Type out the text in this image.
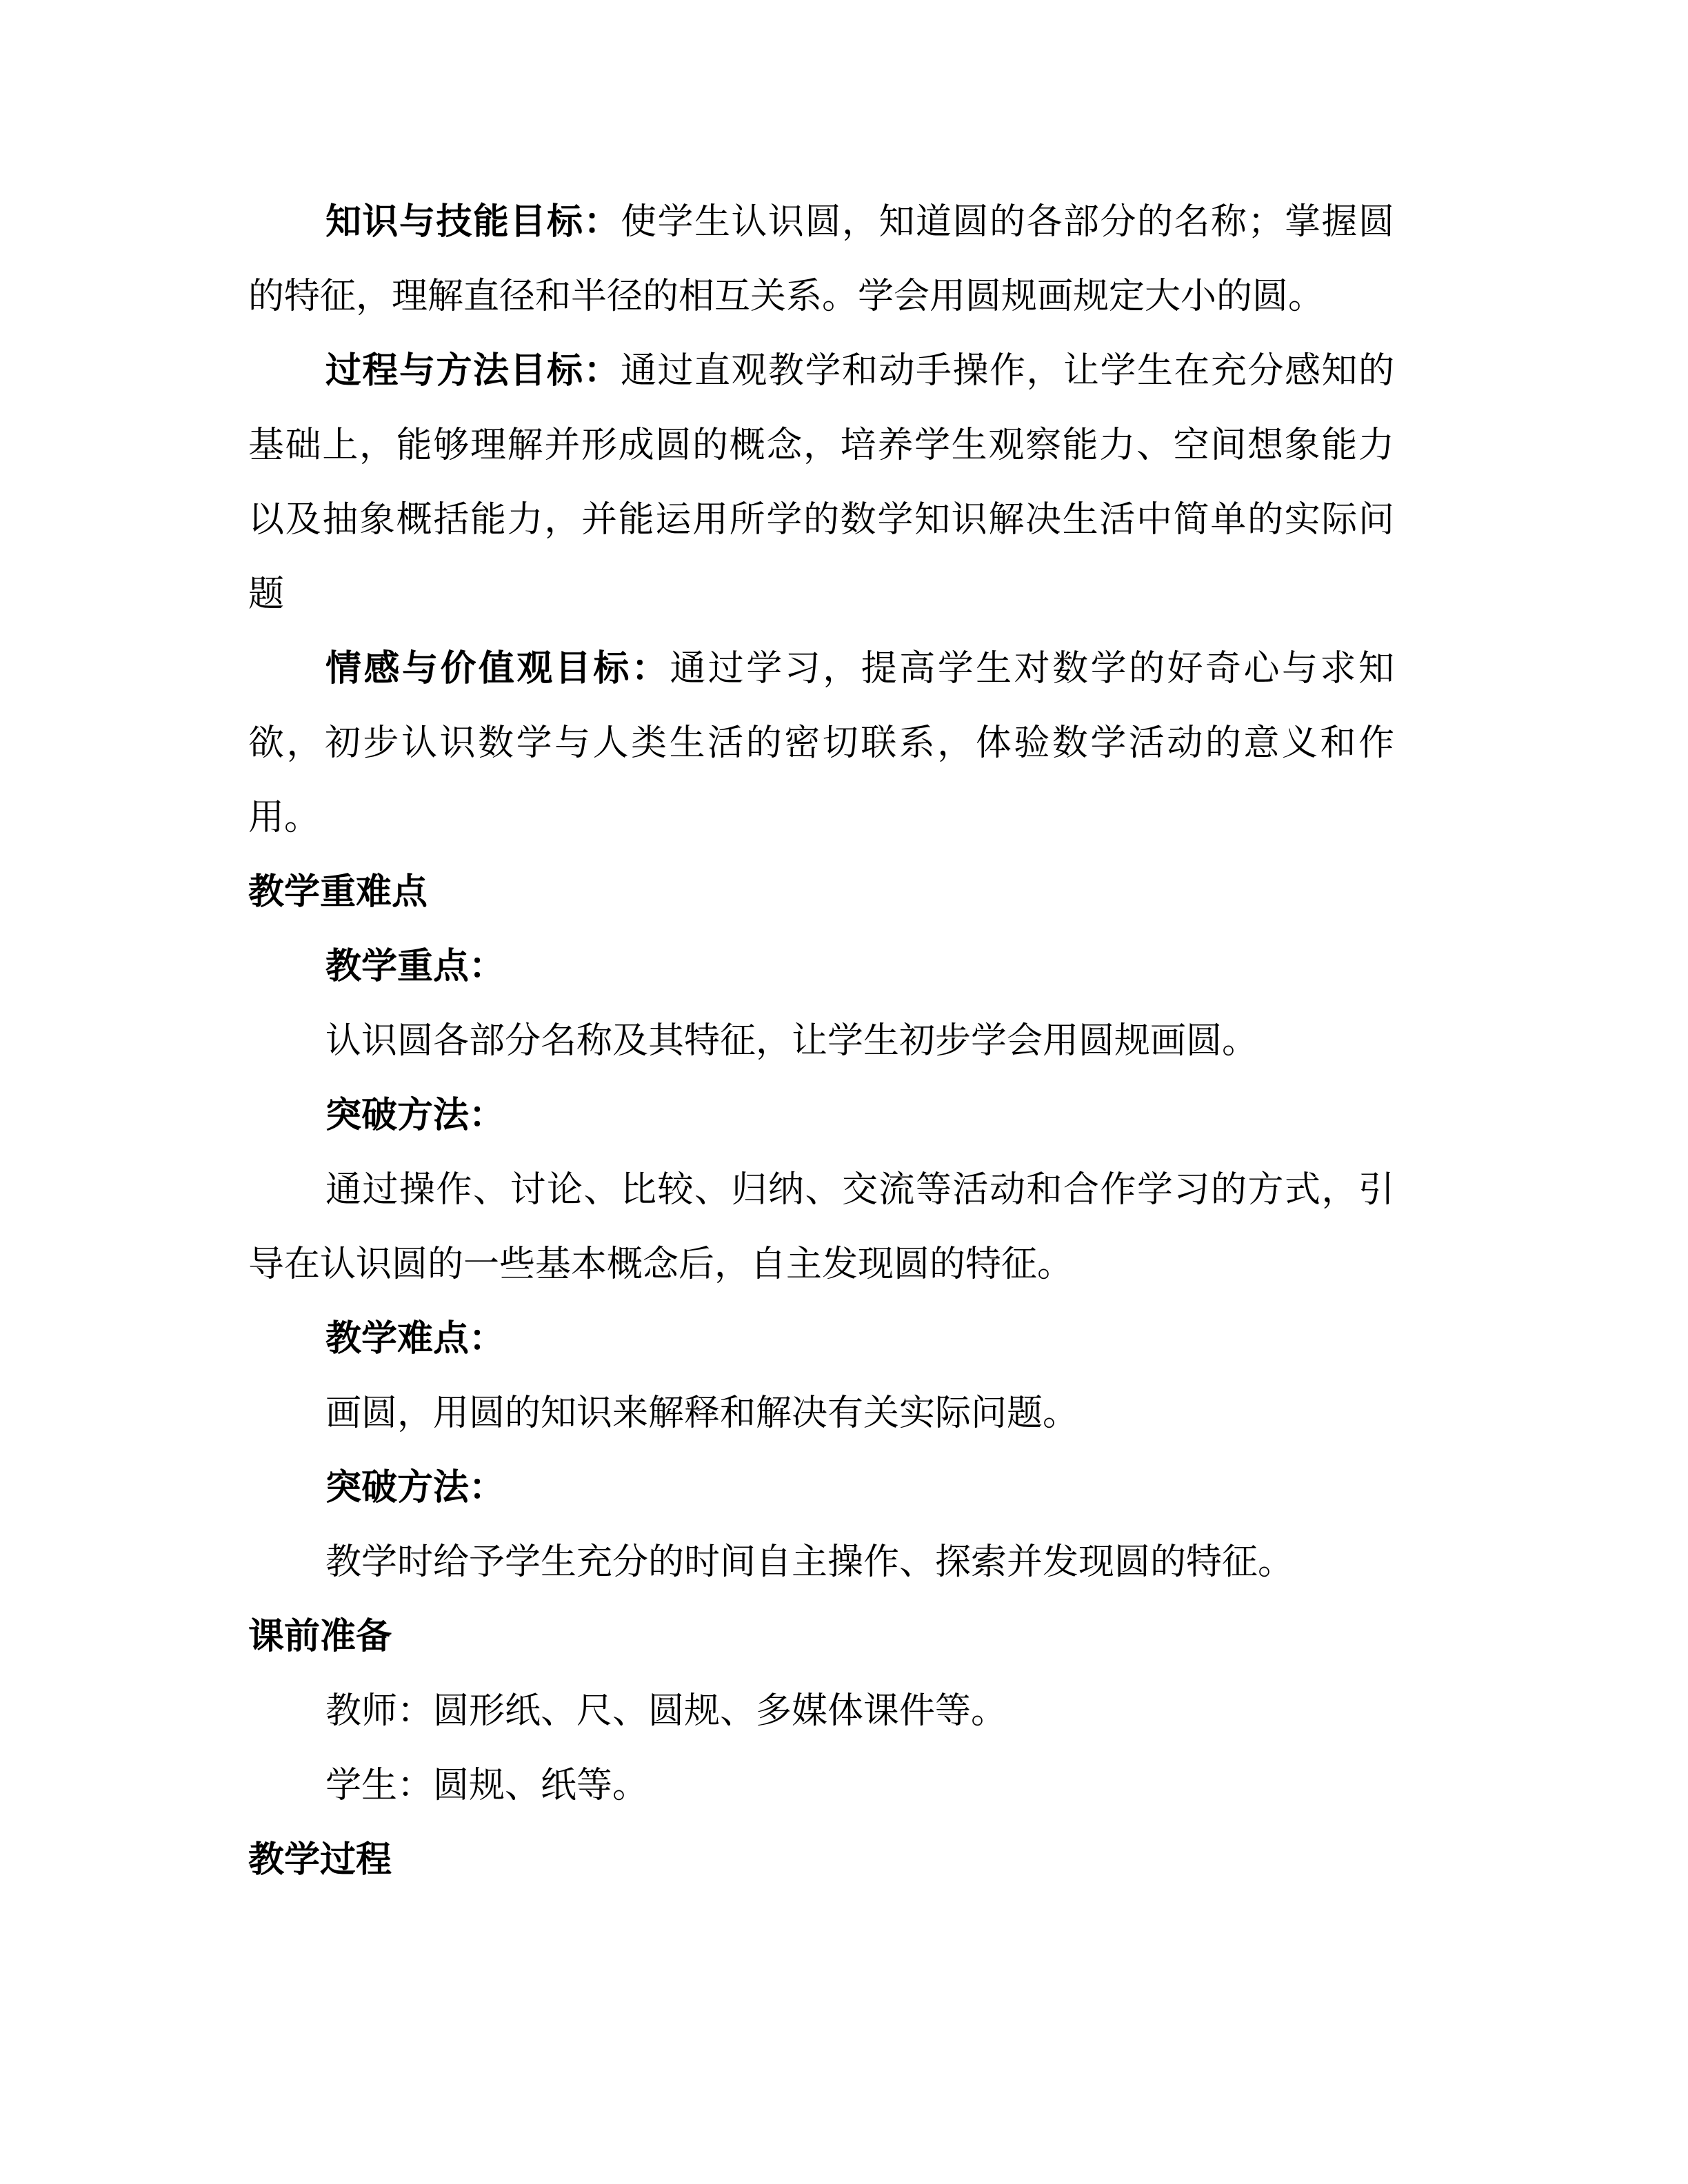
知识与技能目标：使学生认识圆，知道圆的各部分的名称；掌握圆的特征，理解直径和半径的相互关系。学会用圆规画规定大小的圆。

过程与方法目标：通过直观教学和动手操作，让学生在充分感知的基础上，能够理解并形成圆的概念，培养学生观察能力、空间想象能力以及抽象概括能力，并能运用所学的数学知识解决生活中简单的实际问题

情感与价值观目标：通过学习，提高学生对数学的好奇心与求知欲，初步认识数学与人类生活的密切联系，体验数学活动的意义和作用。

教学重难点

教学重点：

认识圆各部分名称及其特征，让学生初步学会用圆规画圆。

突破方法：

通过操作、讨论、比较、归纳、交流等活动和合作学习的方式，引导在认识圆的一些基本概念后，自主发现圆的特征。

教学难点：

画圆，用圆的知识来解释和解决有关实际问题。

突破方法：

教学时给予学生充分的时间自主操作、探索并发现圆的特征。

课前准备

教师：圆形纸、尺、圆规、多媒体课件等。

学生：圆规、纸等。

教学过程
